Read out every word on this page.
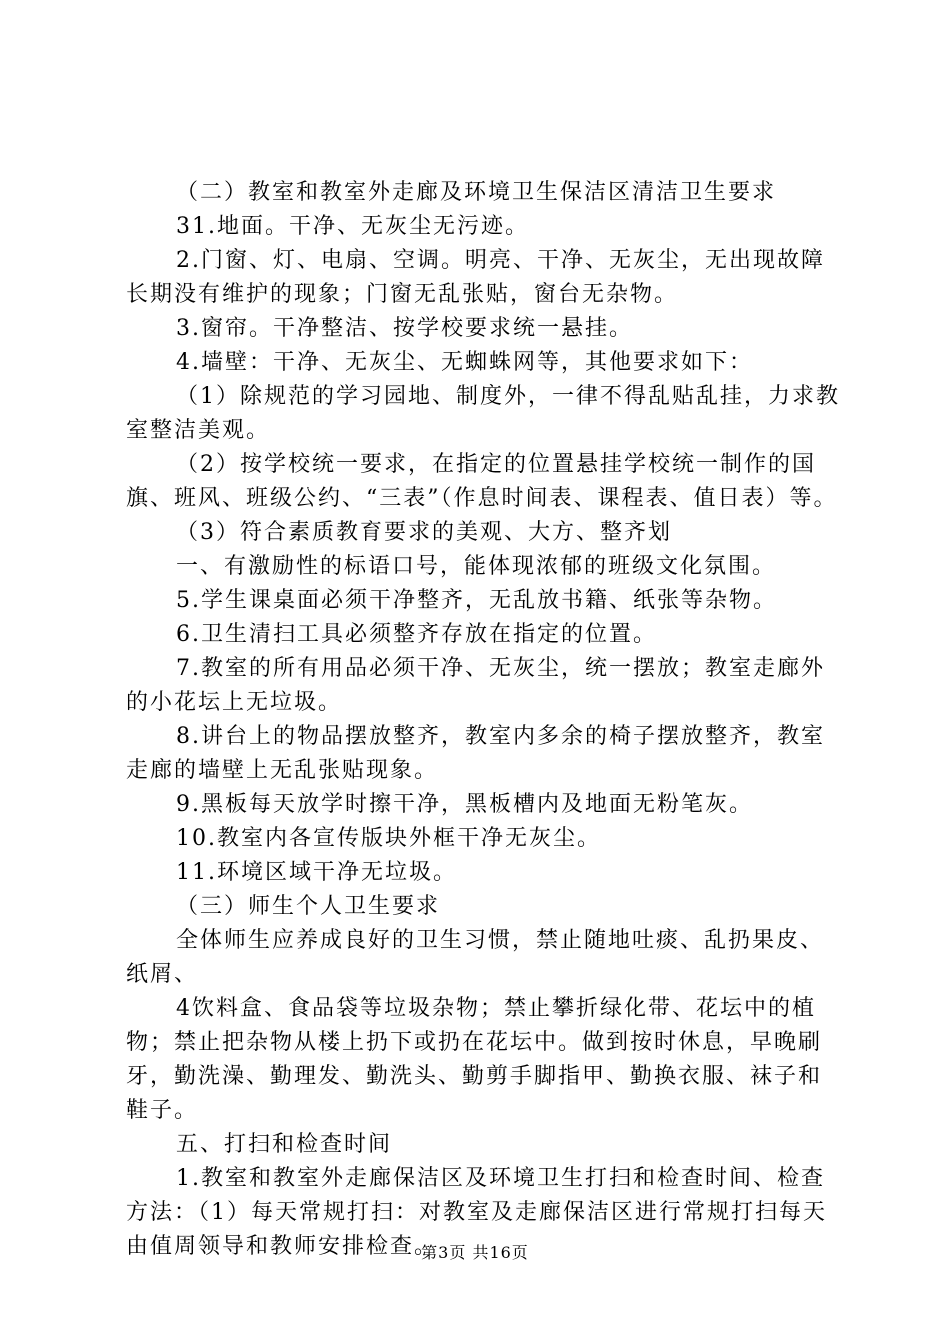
（二）教室和教室外走廊及环境卫生保洁区清洁卫生要求

31.地面。干净、无灰尘无污迹。

2.门窗、灯、电扇、空调。明亮、干净、无灰尘，无出现故障长期没有维护的现象；门窗无乱张贴，窗台无杂物。

3.窗帘。干净整洁、按学校要求统一悬挂。

4.墙壁：干净、无灰尘、无蜘蛛网等，其他要求如下：

（1）除规范的学习园地、制度外，一律不得乱贴乱挂，力求教室整洁美观。

（2）按学校统一要求，在指定的位置悬挂学校统一制作的国旗、班风、班级公约、“三表”（作息时间表、课程表、值日表）等。

（3）符合素质教育要求的美观、大方、整齐划

一、有激励性的标语口号，能体现浓郁的班级文化氛围。

5.学生课桌面必须干净整齐，无乱放书籍、纸张等杂物。

6.卫生清扫工具必须整齐存放在指定的位置。

7.教室的所有用品必须干净、无灰尘，统一摆放；教室走廊外的小花坛上无垃圾。

8.讲台上的物品摆放整齐，教室内多余的椅子摆放整齐，教室走廊的墙壁上无乱张贴现象。

9.黑板每天放学时擦干净，黑板槽内及地面无粉笔灰。

10.教室内各宣传版块外框干净无灰尘。

11.环境区域干净无垃圾。

（三）师生个人卫生要求

全体师生应养成良好的卫生习惯，禁止随地吐痰、乱扔果皮、纸屑、

4饮料盒、食品袋等垃圾杂物；禁止攀折绿化带、花坛中的植物；禁止把杂物从楼上扔下或扔在花坛中。做到按时休息，早晚刷牙，勤洗澡、勤理发、勤洗头、勤剪手脚指甲、勤换衣服、袜子和鞋子。

五、打扫和检查时间

1.教室和教室外走廊保洁区及环境卫生打扫和检查时间、检查方法：（1）每天常规打扫：对教室及走廊保洁区进行常规打扫每天由值周领导和教师安排检查。

第3页 共16页
